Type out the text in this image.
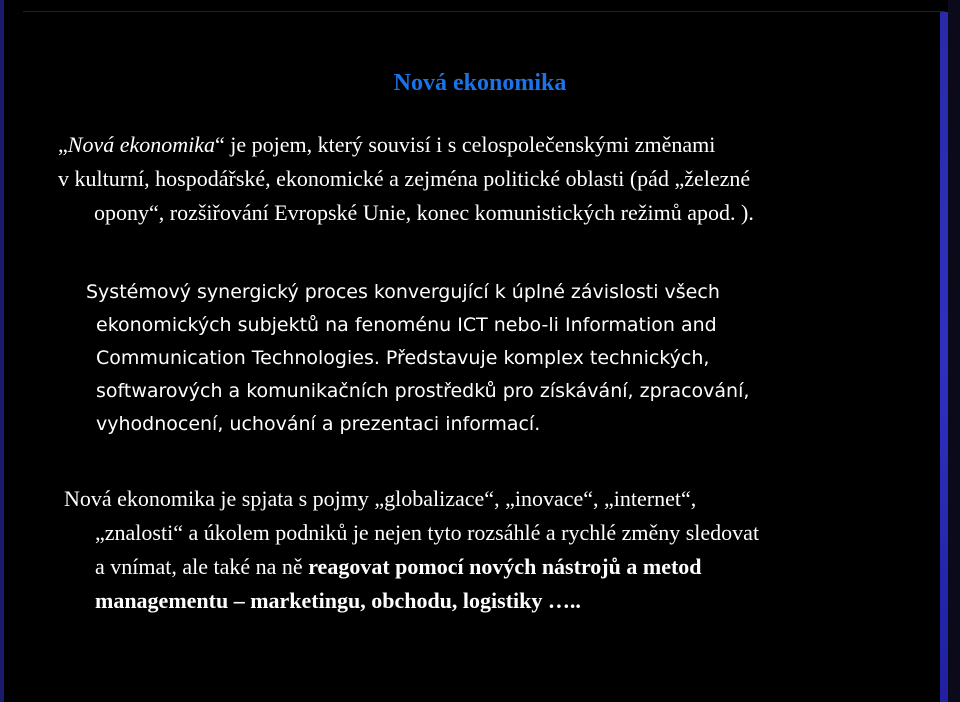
Nová ekonomika
„Nová ekonomika“ je pojem, který souvisí i s celospolečenskými změnami
v kulturní, hospodářské, ekonomické a zejména politické oblasti (pád „železné
opony“, rozšiřování Evropské Unie, konec komunistických režimů apod. ).
Systémový synergický proces konvergující k úplné závislosti všech
ekonomických subjektů na fenoménu ICT nebo-li Information and
Communication Technologies. Představuje komplex technických,
softwarových a komunikačních prostředků pro získávání, zpracování,
vyhodnocení, uchování a prezentaci informací.
Nová ekonomika je spjata s pojmy „globalizace“, „inovace“, „internet“,
„znalosti“ a úkolem podniků je nejen tyto rozsáhlé a rychlé změny sledovat
a vnímat, ale také na ně reagovat pomocí nových nástrojů a metod
managementu – marketingu, obchodu, logistiky …..
